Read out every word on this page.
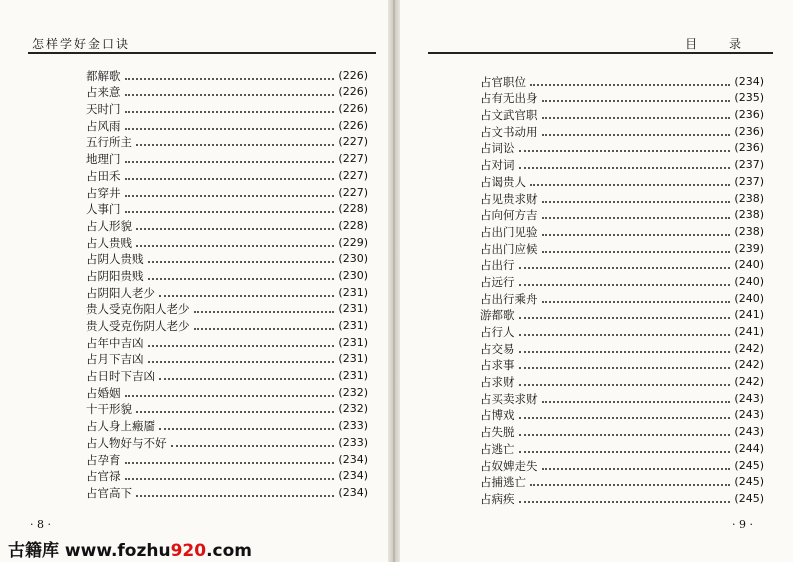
怎样学好金口诀
都解歌	(226)
占来意	(226)
天时门	(226)
占风雨	(226)
五行所主	(227)
地理门	(227)
占田禾	(227)
占穿井	(227)
人事门	(228)
占人形貌	(228)
占人贵贱	(229)
占阴人贵贱	(230)
占阴阳贵贱	(230)
占阴阳人老少	(231)
贵人受克伤阳人老少	(231)
贵人受克伤阴人老少	(231)
占年中吉凶	(231)
占月下吉凶	(231)
占日时下吉凶	(231)
占婚姻	(232)
十干形貌	(232)
占人身上瘢靥	(233)
占人物好与不好	(233)
占孕育	(234)
占官禄	(234)
占官高下	(234)
· 8 ·
目 录
占官职位	(234)
占有无出身	(235)
占文武官职	(236)
占文书动用	(236)
占词讼	(236)
占对词	(237)
占谒贵人	(237)
占见贵求财	(238)
占向何方吉	(238)
占出门见验	(238)
占出门应候	(239)
占出行	(240)
占远行	(240)
占出行乘舟	(240)
游都歌	(241)
占行人	(241)
占交易	(242)
占求事	(242)
占求财	(242)
占买卖求财	(243)
占博戏	(243)
占失脱	(243)
占逃亡	(244)
占奴婢走失	(245)
占捕逃亡	(245)
占病疾	(245)
· 9 ·
古籍库 www.fozhu920.com
